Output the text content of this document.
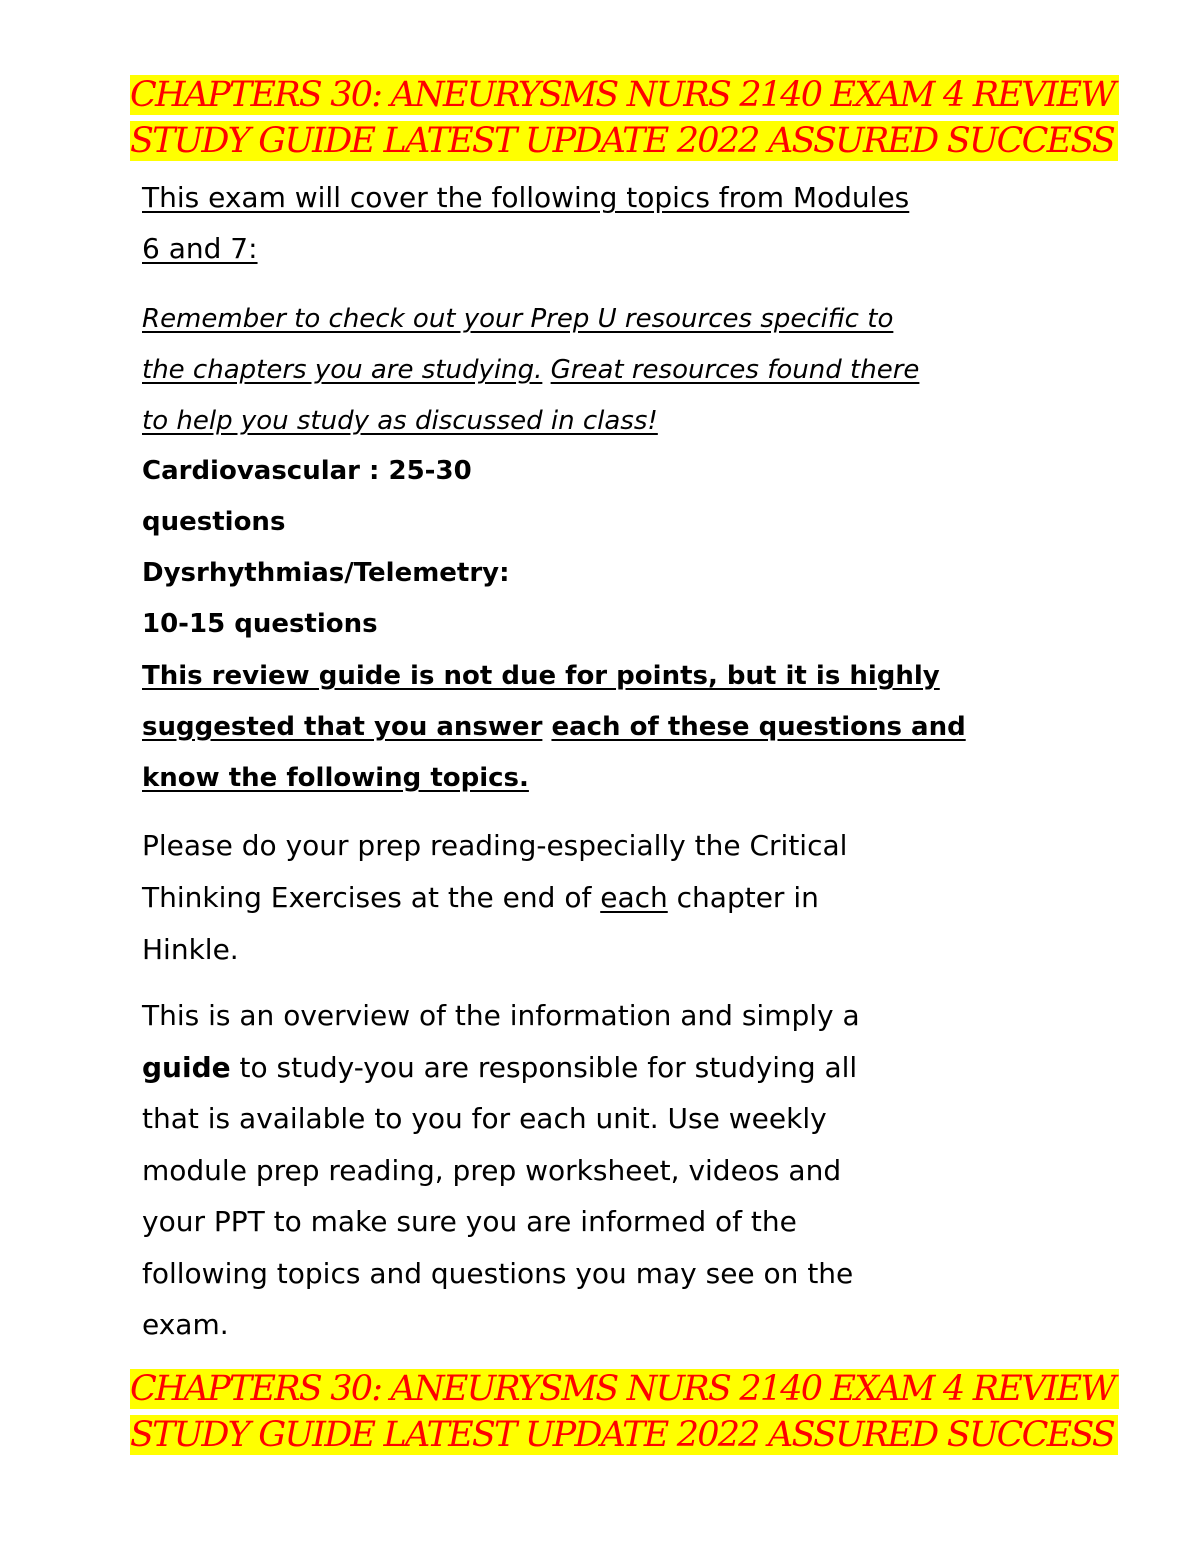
CHAPTERS 30: ANEURYSMS NURS 2140 EXAM 4 REVIEW
STUDY GUIDE LATEST UPDATE 2022 ASSURED SUCCESS
This exam will cover the following topics from Modules
6 and 7:
Remember to check out your Prep U resources specific to
the chapters you are studying. Great resources found there
to help you study as discussed in class!
Cardiovascular : 25-30
questions
Dysrhythmias/Telemetry:
10-15 questions
This review guide is not due for points, but it is highly
suggested that you answer each of these questions and
know the following topics.
Please do your prep reading-especially the Critical
Thinking Exercises at the end of each chapter in
Hinkle.
This is an overview of the information and simply a
guide to study-you are responsible for studying all
that is available to you for each unit. Use weekly
module prep reading, prep worksheet, videos and
your PPT to make sure you are informed of the
following topics and questions you may see on the
exam.
CHAPTERS 30: ANEURYSMS NURS 2140 EXAM 4 REVIEW
STUDY GUIDE LATEST UPDATE 2022 ASSURED SUCCESS
